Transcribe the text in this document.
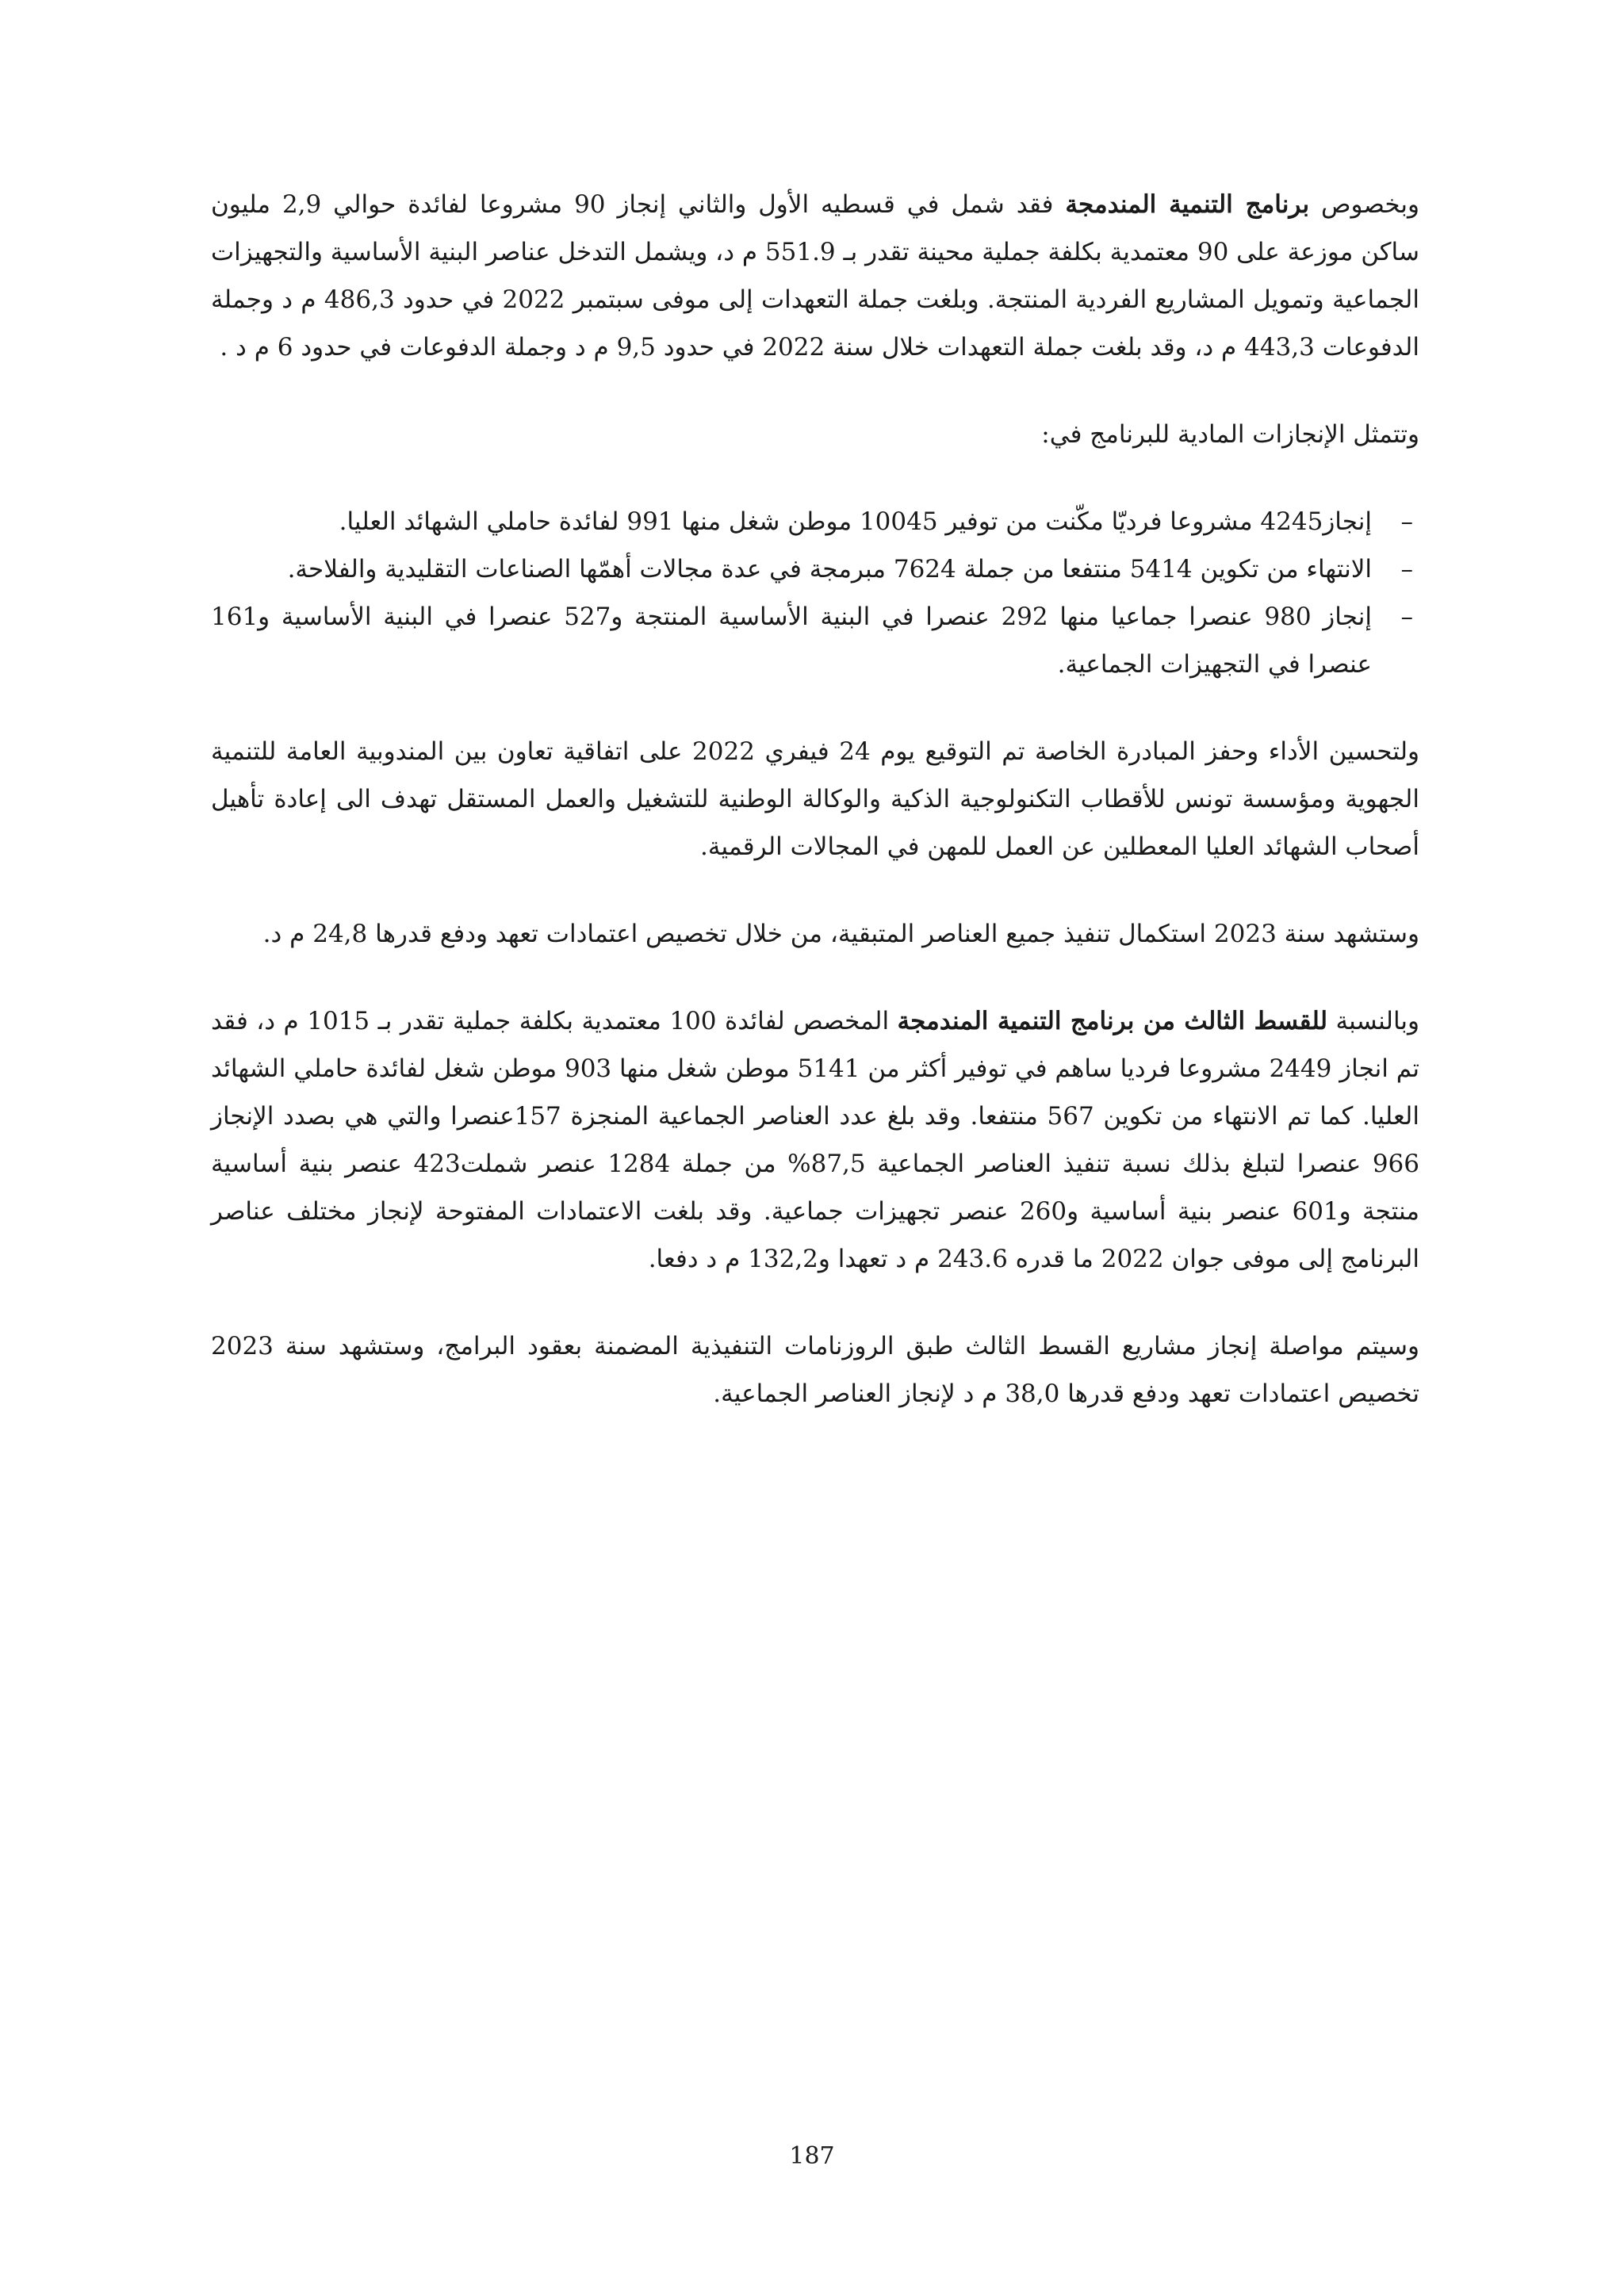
وبخصوص برنامج التنمية المندمجة فقد شمل في قسطيه الأول والثاني إنجاز 90 مشروعا لفائدة حوالي 2,9 مليون ساكن موزعة على 90 معتمدية بكلفة جملية محينة تقدر بـ 551.9 م د، ويشمل التدخل عناصر البنية الأساسية والتجهيزات الجماعية وتمويل المشاريع الفردية المنتجة. وبلغت جملة التعهدات إلى موفى سبتمبر 2022 في حدود 486,3 م د وجملة الدفوعات 443,3 م د، وقد بلغت جملة التعهدات خلال سنة 2022 في حدود 9,5 م د وجملة الدفوعات في حدود 6 م د .

وتتمثل الإنجازات المادية للبرنامج في:

–
إنجاز4245 مشروعا فرديّا مكّنت من توفير 10045 موطن شغل منها 991 لفائدة حاملي الشهائد العليا.
–
الانتهاء من تكوين 5414 منتفعا من جملة 7624 مبرمجة في عدة مجالات أهمّها الصناعات التقليدية والفلاحة.
–
إنجاز 980 عنصرا جماعيا منها 292 عنصرا في البنية الأساسية المنتجة و527 عنصرا في البنية الأساسية و161 عنصرا في التجهيزات الجماعية.

ولتحسين الأداء وحفز المبادرة الخاصة تم التوقيع يوم 24 فيفري 2022 على اتفاقية تعاون بين المندوبية العامة للتنمية الجهوية ومؤسسة تونس للأقطاب التكنولوجية الذكية والوكالة الوطنية للتشغيل والعمل المستقل تهدف الى إعادة تأهيل أصحاب الشهائد العليا المعطلين عن العمل للمهن في المجالات الرقمية.

وستشهد سنة 2023 استكمال تنفيذ جميع العناصر المتبقية، من خلال تخصيص اعتمادات تعهد ودفع قدرها 24,8 م د.

وبالنسبة للقسط الثالث من برنامج التنمية المندمجة المخصص لفائدة 100 معتمدية بكلفة جملية تقدر بـ 1015 م د، فقد تم انجاز 2449 مشروعا فرديا ساهم في توفير أكثر من 5141 موطن شغل منها 903 موطن شغل لفائدة حاملي الشهائد العليا. كما تم الانتهاء من تكوين 567 منتفعا. وقد بلغ عدد العناصر الجماعية المنجزة 157عنصرا والتي هي بصدد الإنجاز 966 عنصرا لتبلغ بذلك نسبة تنفيذ العناصر الجماعية 87,5% من جملة 1284 عنصر شملت423 عنصر بنية أساسية منتجة و601 عنصر بنية أساسية و260 عنصر تجهيزات جماعية. وقد بلغت الاعتمادات المفتوحة لإنجاز مختلف عناصر البرنامج إلى موفى جوان 2022 ما قدره 243.6 م د تعهدا و132,2 م د دفعا.

وسيتم مواصلة إنجاز مشاريع القسط الثالث طبق الروزنامات التنفيذية المضمنة بعقود البرامج، وستشهد سنة 2023 تخصيص اعتمادات تعهد ودفع قدرها 38,0 م د لإنجاز العناصر الجماعية.

187
